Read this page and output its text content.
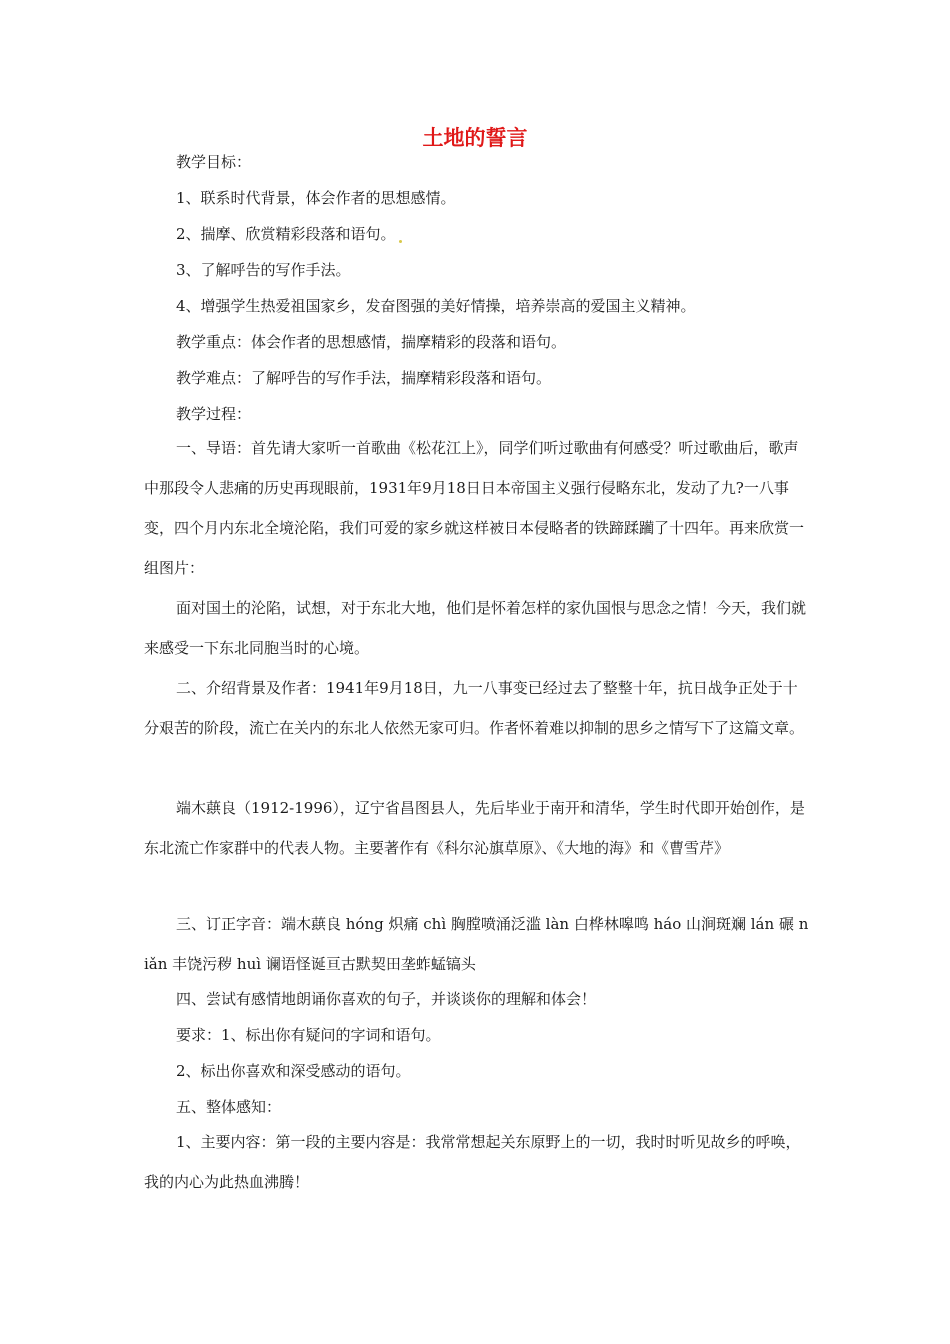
土地的誓言

教学目标：

1、联系时代背景，体会作者的思想感情。

2、揣摩、欣赏精彩段落和语句。

3、了解呼告的写作手法。

4、增强学生热爱祖国家乡，发奋图强的美好情操，培养崇高的爱国主义精神。

教学重点：体会作者的思想感情，揣摩精彩的段落和语句。

教学难点：了解呼告的写作手法，揣摩精彩段落和语句。

教学过程：

一、导语：首先请大家听一首歌曲《松花江上》，同学们听过歌曲有何感受？听过歌曲后，歌声中那段令人悲痛的历史再现眼前，1931年9月18日日本帝国主义强行侵略东北，发动了九?一八事变，四个月内东北全境沦陷，我们可爱的家乡就这样被日本侵略者的铁蹄蹂躏了十四年。再来欣赏一组图片：

面对国土的沦陷，试想，对于东北大地，他们是怀着怎样的家仇国恨与思念之情！今天，我们就来感受一下东北同胞当时的心境。

二、介绍背景及作者：1941年9月18日，九一八事变已经过去了整整十年，抗日战争正处于十分艰苦的阶段，流亡在关内的东北人依然无家可归。作者怀着难以抑制的思乡之情写下了这篇文章。

端木蕻良（1912-1996），辽宁省昌图县人，先后毕业于南开和清华，学生时代即开始创作，是东北流亡作家群中的代表人物。主要著作有《科尔沁旗草原》、《大地的海》和《曹雪芹》

三、订正字音：端木蕻良 hóng 炽痛 chì 胸膛喷涌泛滥 làn 白桦林嗥鸣 háo 山涧斑斓 lán 碾 niǎn 丰饶污秽 huì 谰语怪诞亘古默契田垄蚱蜢镐头

四、尝试有感情地朗诵你喜欢的句子，并谈谈你的理解和体会！

要求：1、标出你有疑问的字词和语句。

2、标出你喜欢和深受感动的语句。

五、整体感知：

1、主要内容：第一段的主要内容是：我常常想起关东原野上的一切，我时时听见故乡的呼唤，我的内心为此热血沸腾！
